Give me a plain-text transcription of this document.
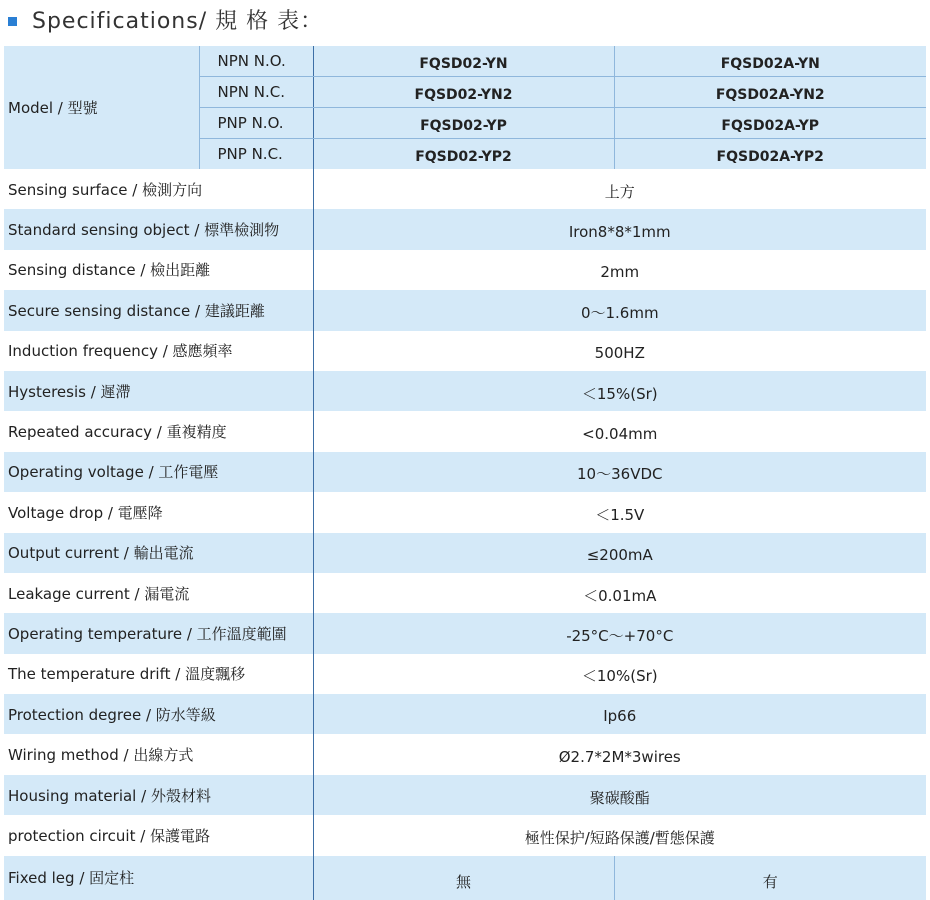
Specifications/ 規 格 表：
Model / 型號	NPN N.O.	FQSD02-YN	FQSD02A-YN
	NPN N.C.	FQSD02-YN2	FQSD02A-YN2
	PNP N.O.	FQSD02-YP	FQSD02A-YP
	PNP N.C.	FQSD02-YP2	FQSD02A-YP2
Sensing surface / 檢測方向		上方	
Standard sensing object / 標準檢測物		Iron8*8*1mm	
Sensing distance / 檢出距離		2mm	
Secure sensing distance / 建議距離		0～1.6mm	
Induction frequency / 感應頻率		500HZ	
Hysteresis / 遲滯		＜15%(Sr)	
Repeated accuracy / 重複精度		<0.04mm	
Operating voltage / 工作電壓		10～36VDC	
Voltage drop / 電壓降		＜1.5V	
Output current / 輸出電流		≤200mA	
Leakage current / 漏電流		＜0.01mA	
Operating temperature / 工作溫度範圍		-25°C～+70°C	
The temperature drift / 溫度飄移		＜10%(Sr)	
Protection degree / 防水等級		Ip66	
Wiring method / 出線方式		Ø2.7*2M*3wires	
Housing material / 外殼材料		聚碳酸酯	
protection circuit / 保護電路		極性保护/短路保護/暫態保護	
Fixed leg / 固定柱		無	有
